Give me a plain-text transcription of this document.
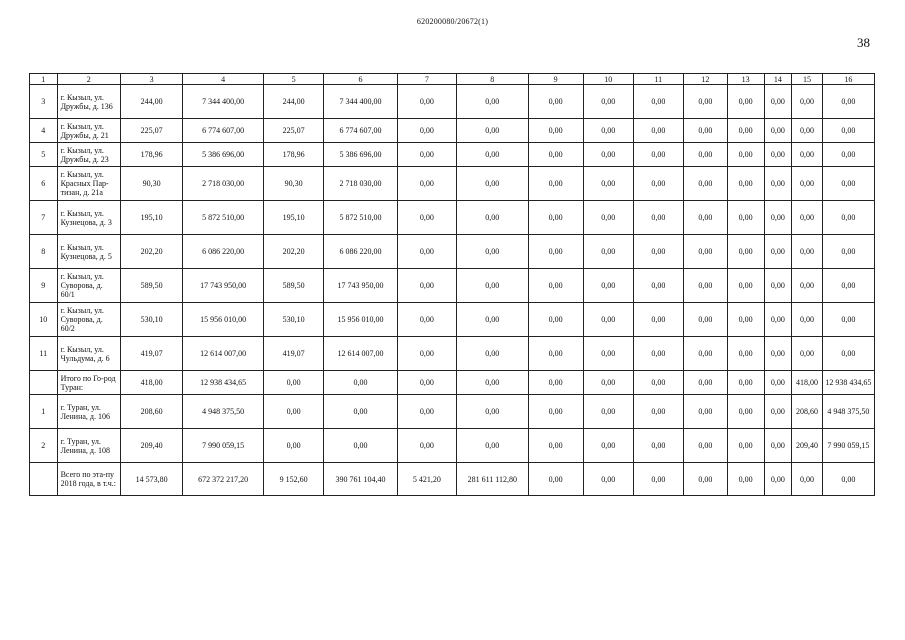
620200080/20672(1)
38
1	2	3	4	5	6	7	8	9	10	11	12	13	14	15	16
3	г. Кызыл, ул. Дружбы, д. 136	244,00	7 344 400,00	244,00	7 344 400,00	0,00	0,00	0,00	0,00	0,00	0,00	0,00	0,00	0,00	0,00
4	г. Кызыл, ул. Дружбы, д. 21	225,07	6 774 607,00	225,07	6 774 607,00	0,00	0,00	0,00	0,00	0,00	0,00	0,00	0,00	0,00	0,00
5	г. Кызыл, ул. Дружбы, д. 23	178,96	5 386 696,00	178,96	5 386 696,00	0,00	0,00	0,00	0,00	0,00	0,00	0,00	0,00	0,00	0,00
6	г. Кызыл, ул. Красных Пар-тизан, д. 21а	90,30	2 718 030,00	90,30	2 718 030,00	0,00	0,00	0,00	0,00	0,00	0,00	0,00	0,00	0,00	0,00
7	г. Кызыл, ул. Кузнецова, д. 3	195,10	5 872 510,00	195,10	5 872 510,00	0,00	0,00	0,00	0,00	0,00	0,00	0,00	0,00	0,00	0,00
8	г. Кызыл, ул. Кузнецова, д. 5	202,20	6 086 220,00	202,20	6 086 220,00	0,00	0,00	0,00	0,00	0,00	0,00	0,00	0,00	0,00	0,00
9	г. Кызыл, ул. Суворова, д. 60/1	589,50	17 743 950,00	589,50	17 743 950,00	0,00	0,00	0,00	0,00	0,00	0,00	0,00	0,00	0,00	0,00
10	г. Кызыл, ул. Суворова, д. 60/2	530,10	15 956 010,00	530,10	15 956 010,00	0,00	0,00	0,00	0,00	0,00	0,00	0,00	0,00	0,00	0,00
11	г. Кызыл, ул. Чульдума, д. 6	419,07	12 614 007,00	419,07	12 614 007,00	0,00	0,00	0,00	0,00	0,00	0,00	0,00	0,00	0,00	0,00
	Итого по Го-род Туран:	418,00	12 938 434,65	0,00	0,00	0,00	0,00	0,00	0,00	0,00	0,00	0,00	0,00	418,00	12 938 434,65
1	г. Туран, ул. Ленина, д. 106	208,60	4 948 375,50	0,00	0,00	0,00	0,00	0,00	0,00	0,00	0,00	0,00	0,00	208,60	4 948 375,50
2	г. Туран, ул. Ленина, д. 108	209,40	7 990 059,15	0,00	0,00	0,00	0,00	0,00	0,00	0,00	0,00	0,00	0,00	209,40	7 990 059,15
	Всего по эта-пу 2018 года, в т.ч.:	14 573,80	672 372 217,20	9 152,60	390 761 104,40	5 421,20	281 611 112,80	0,00	0,00	0,00	0,00	0,00	0,00	0,00	0,00
